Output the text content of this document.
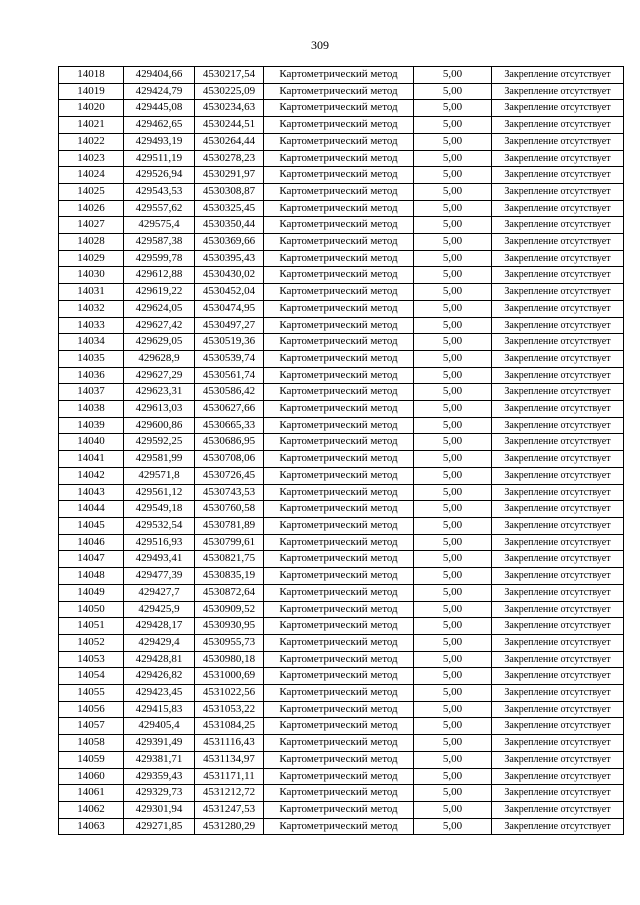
309
14018	429404,66	4530217,54	Картометрический метод	5,00	Закрепление отсутствует
14019	429424,79	4530225,09	Картометрический метод	5,00	Закрепление отсутствует
14020	429445,08	4530234,63	Картометрический метод	5,00	Закрепление отсутствует
14021	429462,65	4530244,51	Картометрический метод	5,00	Закрепление отсутствует
14022	429493,19	4530264,44	Картометрический метод	5,00	Закрепление отсутствует
14023	429511,19	4530278,23	Картометрический метод	5,00	Закрепление отсутствует
14024	429526,94	4530291,97	Картометрический метод	5,00	Закрепление отсутствует
14025	429543,53	4530308,87	Картометрический метод	5,00	Закрепление отсутствует
14026	429557,62	4530325,45	Картометрический метод	5,00	Закрепление отсутствует
14027	429575,4	4530350,44	Картометрический метод	5,00	Закрепление отсутствует
14028	429587,38	4530369,66	Картометрический метод	5,00	Закрепление отсутствует
14029	429599,78	4530395,43	Картометрический метод	5,00	Закрепление отсутствует
14030	429612,88	4530430,02	Картометрический метод	5,00	Закрепление отсутствует
14031	429619,22	4530452,04	Картометрический метод	5,00	Закрепление отсутствует
14032	429624,05	4530474,95	Картометрический метод	5,00	Закрепление отсутствует
14033	429627,42	4530497,27	Картометрический метод	5,00	Закрепление отсутствует
14034	429629,05	4530519,36	Картометрический метод	5,00	Закрепление отсутствует
14035	429628,9	4530539,74	Картометрический метод	5,00	Закрепление отсутствует
14036	429627,29	4530561,74	Картометрический метод	5,00	Закрепление отсутствует
14037	429623,31	4530586,42	Картометрический метод	5,00	Закрепление отсутствует
14038	429613,03	4530627,66	Картометрический метод	5,00	Закрепление отсутствует
14039	429600,86	4530665,33	Картометрический метод	5,00	Закрепление отсутствует
14040	429592,25	4530686,95	Картометрический метод	5,00	Закрепление отсутствует
14041	429581,99	4530708,06	Картометрический метод	5,00	Закрепление отсутствует
14042	429571,8	4530726,45	Картометрический метод	5,00	Закрепление отсутствует
14043	429561,12	4530743,53	Картометрический метод	5,00	Закрепление отсутствует
14044	429549,18	4530760,58	Картометрический метод	5,00	Закрепление отсутствует
14045	429532,54	4530781,89	Картометрический метод	5,00	Закрепление отсутствует
14046	429516,93	4530799,61	Картометрический метод	5,00	Закрепление отсутствует
14047	429493,41	4530821,75	Картометрический метод	5,00	Закрепление отсутствует
14048	429477,39	4530835,19	Картометрический метод	5,00	Закрепление отсутствует
14049	429427,7	4530872,64	Картометрический метод	5,00	Закрепление отсутствует
14050	429425,9	4530909,52	Картометрический метод	5,00	Закрепление отсутствует
14051	429428,17	4530930,95	Картометрический метод	5,00	Закрепление отсутствует
14052	429429,4	4530955,73	Картометрический метод	5,00	Закрепление отсутствует
14053	429428,81	4530980,18	Картометрический метод	5,00	Закрепление отсутствует
14054	429426,82	4531000,69	Картометрический метод	5,00	Закрепление отсутствует
14055	429423,45	4531022,56	Картометрический метод	5,00	Закрепление отсутствует
14056	429415,83	4531053,22	Картометрический метод	5,00	Закрепление отсутствует
14057	429405,4	4531084,25	Картометрический метод	5,00	Закрепление отсутствует
14058	429391,49	4531116,43	Картометрический метод	5,00	Закрепление отсутствует
14059	429381,71	4531134,97	Картометрический метод	5,00	Закрепление отсутствует
14060	429359,43	4531171,11	Картометрический метод	5,00	Закрепление отсутствует
14061	429329,73	4531212,72	Картометрический метод	5,00	Закрепление отсутствует
14062	429301,94	4531247,53	Картометрический метод	5,00	Закрепление отсутствует
14063	429271,85	4531280,29	Картометрический метод	5,00	Закрепление отсутствует
